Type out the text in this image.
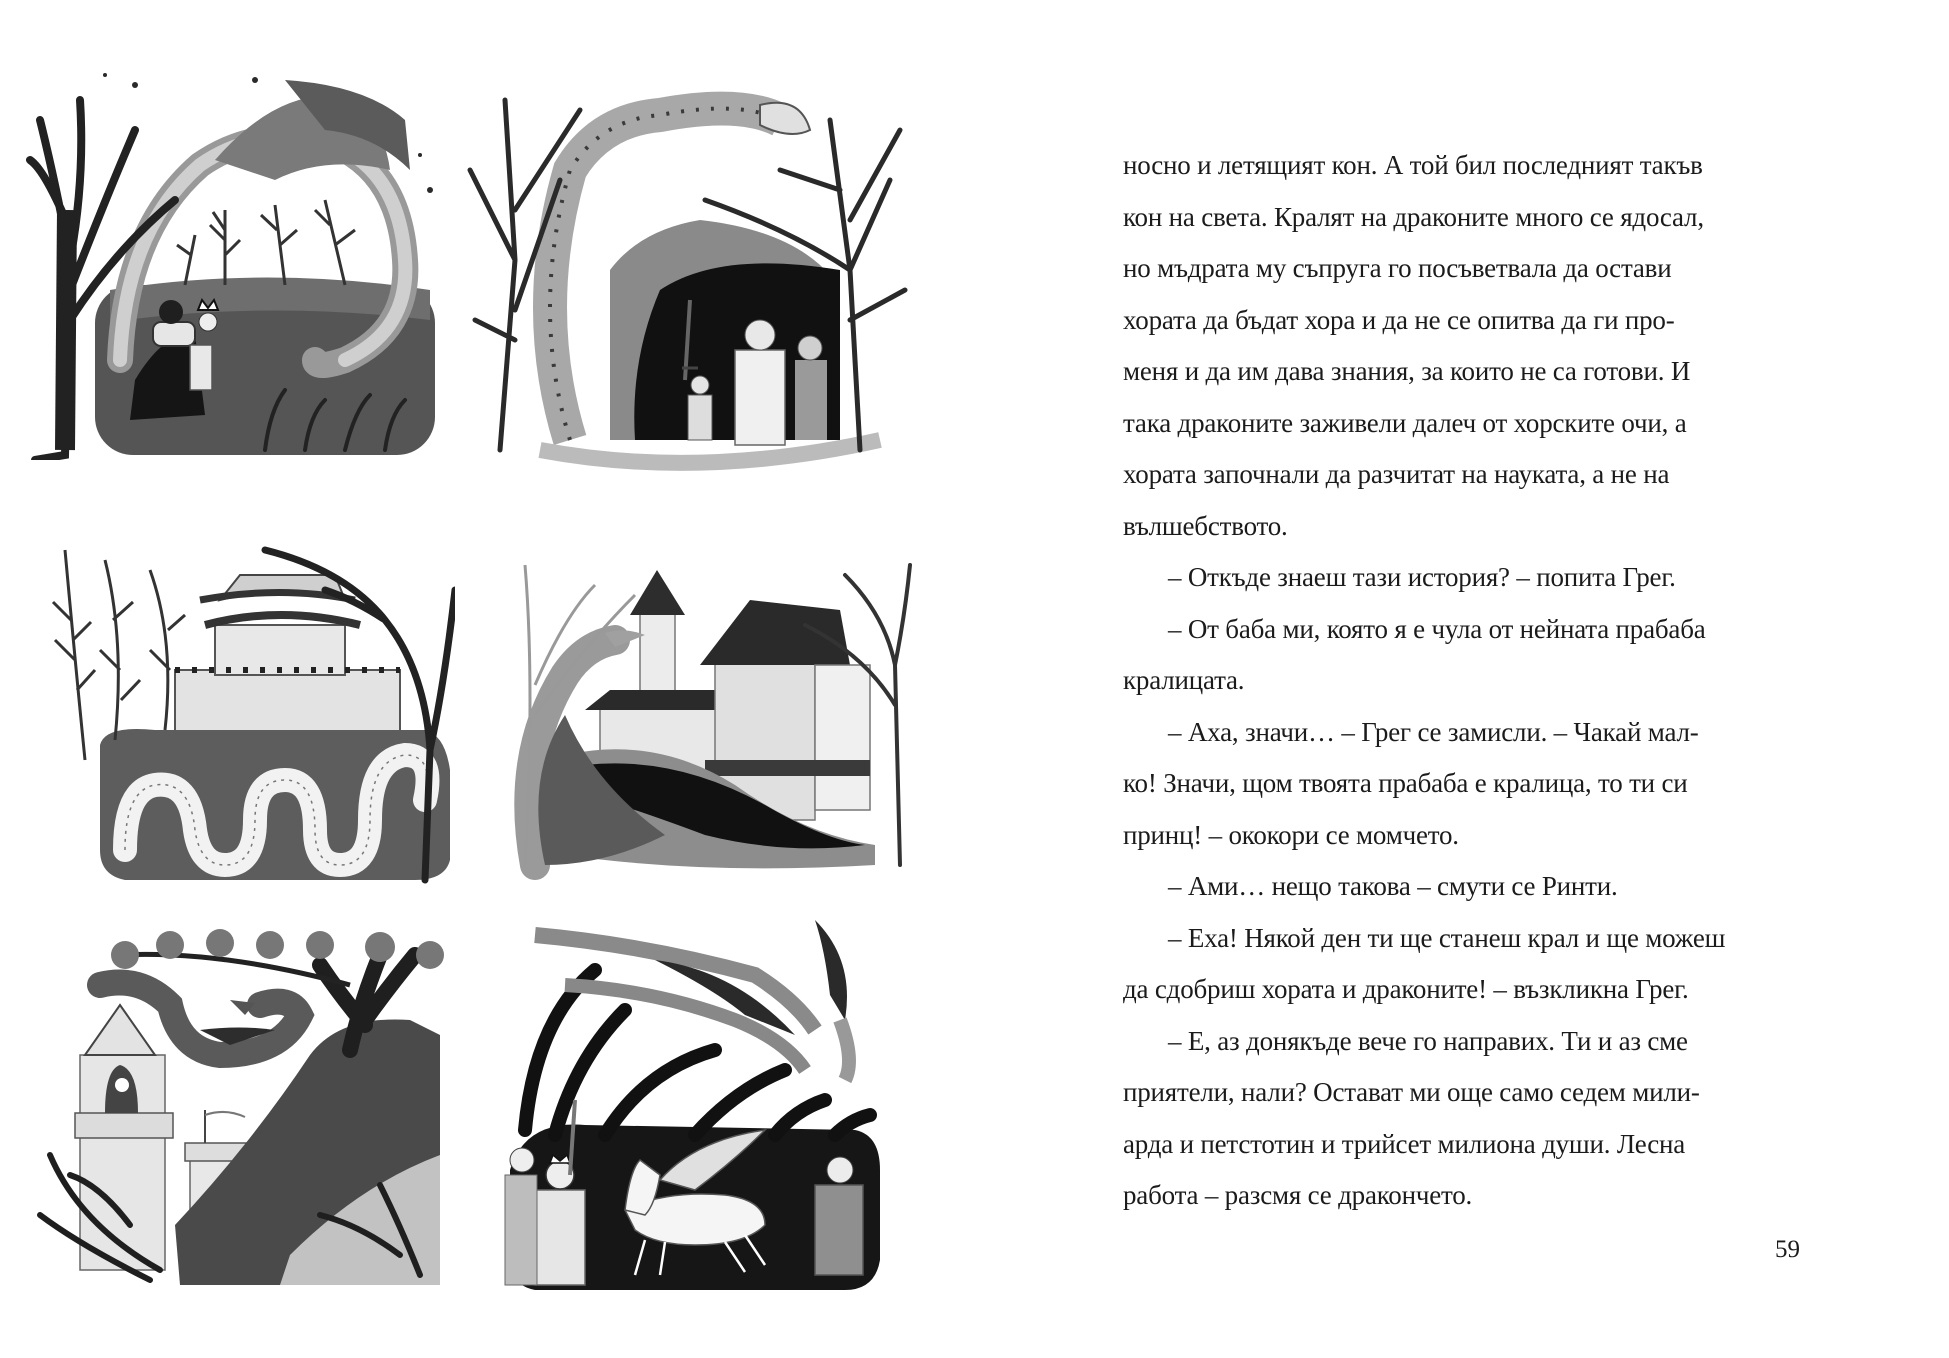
носно и летящият кон. А той бил последният такъв
кон на света. Кралят на драконите много се ядосал,
но мъдрата му съпруга го посъветвала да остави
хората да бъдат хора и да не се опитва да ги про-
меня и да им дава знания, за които не са готови. И
така драконите заживели далеч от хорските очи, а
хората започнали да разчитат на науката, а не на
вълшебството.
– Откъде знаеш тази история? – попита Грег.
– От баба ми, която я е чула от нейната прабаба
кралицата.
– Аха, значи… – Грег се замисли. – Чакай мал-
ко! Значи, щом твоята прабаба е кралица, то ти си
принц! – ококори се момчето.
– Ами… нещо такова – смути се Ринти.
– Еха! Някой ден ти ще станеш крал и ще можеш
да сдобриш хората и драконите! – възкликна Грег.
– Е, аз донякъде вече го направих. Ти и аз сме
приятели, нали? Остават ми още само седем мили-
арда и петстотин и трийсет милиона души. Лесна
работа – разсмя се дракончето.
59
